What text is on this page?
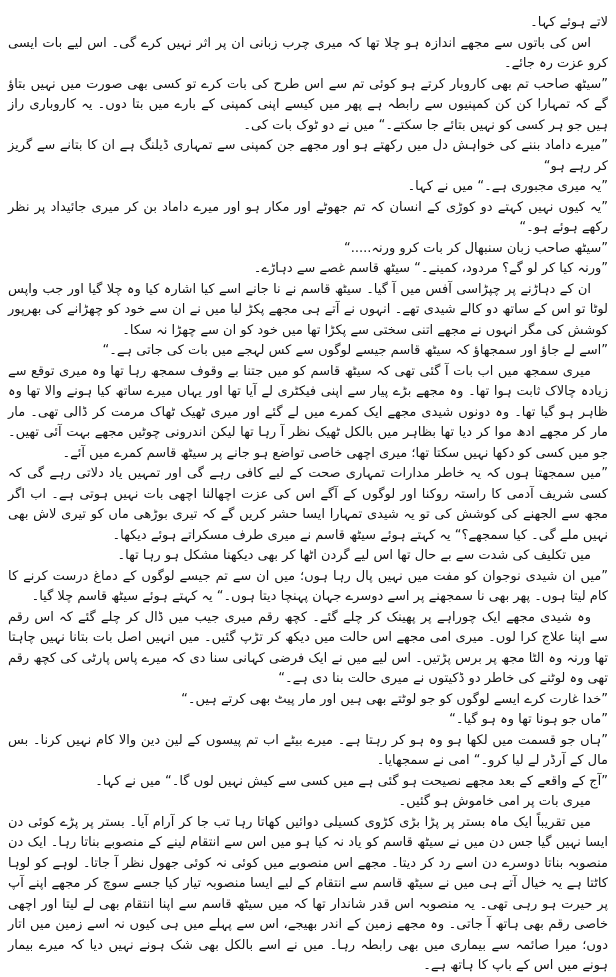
لاتے ہوئے کہا۔

اس کی باتوں سے مجھے اندازہ ہو چلا تھا کہ میری چرب زبانی ان پر اثر نہیں کرے گی۔ اس لیے بات ایسی کرو عزت رہ جائے۔

”سیٹھ صاحب تم بھی کاروبار کرتے ہو کوئی تم سے اس طرح کی بات کرے تو کسی بھی صورت میں نہیں بتاؤ گے کہ تمہارا کن کن کمپنیوں سے رابطہ ہے پھر میں کیسے اپنی کمپنی کے بارے میں بتا دوں۔ یہ کاروباری راز ہیں جو ہر کسی کو نہیں بتائے جا سکتے۔“ میں نے دو ٹوک بات کی۔

”میرے داماد بننے کی خواہش دل میں رکھتے ہو اور مجھے جن کمپنی سے تمہاری ڈیلنگ ہے ان کا بتانے سے گریز کر رہے ہو“

”یہ میری مجبوری ہے۔“ میں نے کہا۔

”یہ کیوں نہیں کہتے دو کوڑی کے انسان کہ تم جھوٹے اور مکار ہو اور میرے داماد بن کر میری جائیداد پر نظر رکھے ہوئے ہو۔“

”سیٹھ صاحب زبان سنبھال کر بات کرو ورنہ.....“

”ورنہ کیا کر لو گے؟ مردود، کمینے۔“ سیٹھ قاسم غصے سے دہاڑے۔

ان کے دہاڑنے پر چپڑاسی آفس میں آ گیا۔ سیٹھ قاسم نے نا جانے اسے کیا اشارہ کیا وہ چلا گیا اور جب واپس لوٹا تو اس کے ساتھ دو کالے شیدی تھے۔ انہوں نے آتے ہی مجھے پکڑ لیا میں نے ان سے خود کو چھڑانے کی بھرپور کوشش کی مگر انہوں نے مجھے اتنی سختی سے پکڑا تھا میں خود کو ان سے چھڑا نہ سکا۔

”اسے لے جاؤ اور سمجھاؤ کہ سیٹھ قاسم جیسے لوگوں سے کس لہجے میں بات کی جاتی ہے۔“

میری سمجھ میں اب بات آ گئی تھی کہ سیٹھ قاسم کو میں جتنا بے وقوف سمجھ رہا تھا وہ میری توقع سے زیادہ چالاک ثابت ہوا تھا۔ وہ مجھے بڑے پیار سے اپنی فیکٹری لے آیا تھا اور یہاں میرے ساتھ کیا ہونے والا تھا وہ ظاہر ہو گیا تھا۔ وہ دونوں شیدی مجھے ایک کمرے میں لے گئے اور میری ٹھیک ٹھاک مرمت کر ڈالی تھی۔ مار مار کر مجھے ادھ موا کر دیا تھا بظاہر میں بالکل ٹھیک نظر آ رہا تھا لیکن اندرونی چوٹیں مجھے بہت آئی تھیں۔ جو میں کسی کو دکھا نہیں سکتا تھا؛ میری اچھی خاصی تواضع ہو جانے پر سیٹھ قاسم کمرے میں آئے۔

”میں سمجھتا ہوں کہ یہ خاطر مدارات تمہاری صحت کے لیے کافی رہے گی اور تمہیں یاد دلاتی رہے گی کہ کسی شریف آدمی کا راستہ روکنا اور لوگوں کے آگے اس کی عزت اچھالنا اچھی بات نہیں ہوتی ہے۔ اب اگر مجھ سے الجھنے کی کوشش کی تو یہ شیدی تمہارا ایسا حشر کریں گے کہ تیری بوڑھی ماں کو تیری لاش بھی نہیں ملے گی۔ کیا سمجھے؟“ یہ کہتے ہوئے سیٹھ قاسم نے میری طرف مسکراتے ہوئے دیکھا۔

میں تکلیف کی شدت سے بے حال تھا اس لیے گردن اٹھا کر بھی دیکھنا مشکل ہو رہا تھا۔

”میں ان شیدی نوجوان کو مفت میں نہیں پال رہا ہوں؛ میں ان سے تم جیسے لوگوں کے دماغ درست کرنے کا کام لیتا ہوں۔ پھر بھی نا سمجھنے پر اسے دوسرے جہان پہنچا دیتا ہوں۔“ یہ کہتے ہوئے سیٹھ قاسم چلا گیا۔

وہ شیدی مجھے ایک چوراہے پر پھینک کر چلے گئے۔ کچھ رقم میری جیب میں ڈال کر چلے گئے کہ اس رقم سے اپنا علاج کرا لوں۔ میری امی مجھے اس حالت میں دیکھ کر تڑپ گئیں۔ میں انہیں اصل بات بتانا نہیں چاہتا تھا ورنہ وہ الٹا مجھ پر برس پڑتیں۔ اس لیے میں نے ایک فرضی کہانی سنا دی کہ میرے پاس پارٹی کی کچھ رقم تھی وہ لوٹنے کی خاطر دو ڈکیتوں نے میری حالت بنا دی ہے۔“

”خدا غارت کرے ایسے لوگوں کو جو لوٹتے بھی ہیں اور مار پیٹ بھی کرتے ہیں۔“

”ماں جو ہونا تھا وہ ہو گیا۔“

”ہاں جو قسمت میں لکھا ہو وہ ہو کر رہتا ہے۔ میرے بیٹے اب تم پیسوں کے لین دین والا کام نہیں کرنا۔ بس مال کے آرڈر لے لیا کرو۔“ امی نے سمجھایا۔

”آج کے واقعے کے بعد مجھے نصیحت ہو گئی ہے میں کسی سے کیش نہیں لوں گا۔“ میں نے کہا۔

میری بات پر امی خاموش ہو گئیں۔

میں تقریباً ایک ماہ بستر پر پڑا بڑی کڑوی کسیلی دوائیں کھاتا رہا تب جا کر آرام آیا۔ بستر پر پڑے کوئی دن ایسا نہیں گیا جس دن میں نے سیٹھ قاسم کو یاد نہ کیا ہو میں اس سے انتقام لینے کے منصوبے بناتا رہا۔ ایک دن منصوبہ بناتا دوسرے دن اسے رد کر دیتا۔ مجھے اس منصوبے میں کوئی نہ کوئی جھول نظر آ جاتا۔ لوہے کو لوہا کاٹتا ہے یہ خیال آتے ہی میں نے سیٹھ قاسم سے انتقام کے لیے ایسا منصوبہ تیار کیا جسے سوچ کر مجھے اپنے آپ پر حیرت ہو رہی تھی۔ یہ منصوبہ اس قدر شاندار تھا کہ میں سیٹھ قاسم سے اپنا انتقام بھی لے لیتا اور اچھی خاصی رقم بھی ہاتھ آ جاتی۔ وہ مجھے زمین کے اندر بھیجے، اس سے پہلے میں ہی کیوں نہ اسے زمین میں اتار دوں؛ میرا صائمہ سے بیماری میں بھی رابطہ رہا۔ میں نے اسے بالکل بھی شک ہونے نہیں دیا کہ میرے بیمار ہونے میں اس کے باپ کا ہاتھ ہے۔
